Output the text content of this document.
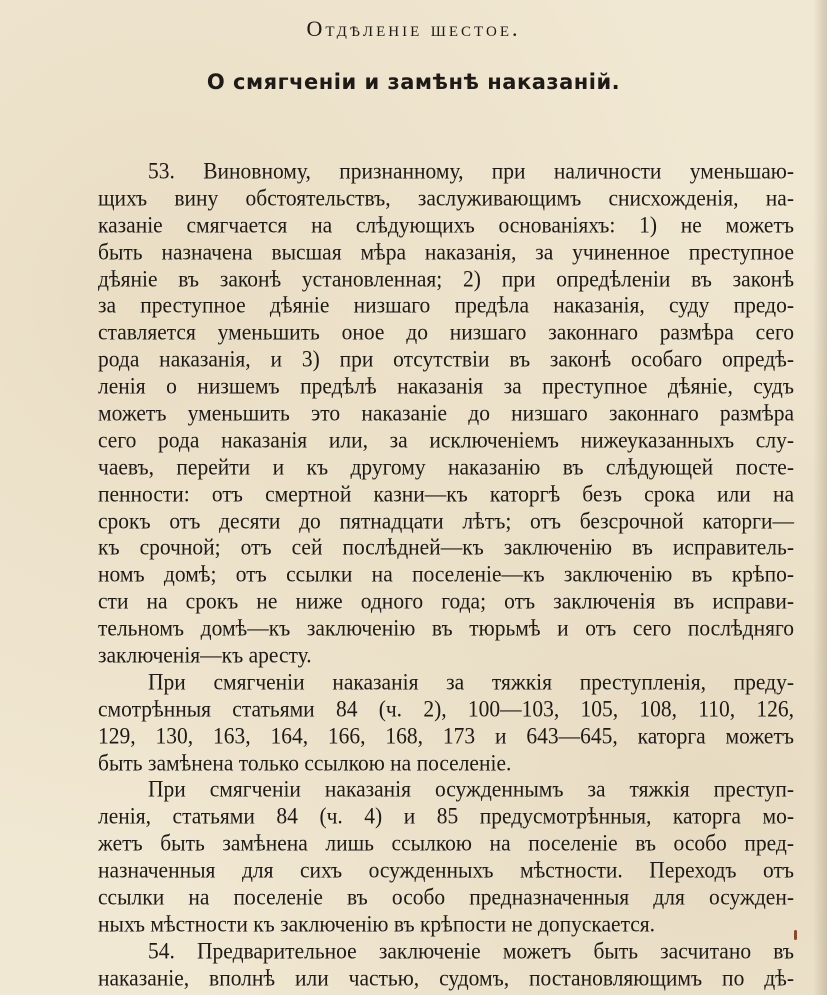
Отдѣленіе шестое.
О смягченіи и замѣнѣ наказаній.
53. Виновному, признанному, при наличности уменьшаю-
щихъ вину обстоятельствъ, заслуживающимъ снисхожденія, на-
казаніе смягчается на слѣдующихъ основаніяхъ: 1) не можетъ
быть назначена высшая мѣра наказанія, за учиненное преступное
дѣяніе въ законѣ установленная; 2) при опредѣленіи въ законѣ
за преступное дѣяніе низшаго предѣла наказанія, суду предо-
ставляется уменьшить оное до низшаго законнаго размѣра сего
рода наказанія, и 3) при отсутствіи въ законѣ особаго опредѣ-
ленія о низшемъ предѣлѣ наказанія за преступное дѣяніе, судъ
можетъ уменьшить это наказаніе до низшаго законнаго размѣра
сего рода наказанія или, за исключеніемъ нижеуказанныхъ слу-
чаевъ, перейти и къ другому наказанію въ слѣдующей посте-
пенности: отъ смертной казни—къ каторгѣ безъ срока или на
срокъ отъ десяти до пятнадцати лѣтъ; отъ безсрочной каторги—
къ срочной; отъ сей послѣдней—къ заключенію въ исправитель-
номъ домѣ; отъ ссылки на поселеніе—къ заключенію въ крѣпо-
сти на срокъ не ниже одного года; отъ заключенія въ исправи-
тельномъ домѣ—къ заключенію въ тюрьмѣ и отъ сего послѣдняго
заключенія—къ аресту.
При смягченіи наказанія за тяжкія преступленія, преду-
смотрѣнныя статьями 84 (ч. 2), 100—103, 105, 108, 110, 126,
129, 130, 163, 164, 166, 168, 173 и 643—645, каторга можетъ
быть замѣнена только ссылкою на поселеніе.
При смягченіи наказанія осужденнымъ за тяжкія преступ-
ленія, статьями 84 (ч. 4) и 85 предусмотрѣнныя, каторга мо-
жетъ быть замѣнена лишь ссылкою на поселеніе въ особо пред-
назначенныя для сихъ осужденныхъ мѣстности. Переходъ отъ
ссылки на поселеніе въ особо предназначенныя для осужден-
ныхъ мѣстности къ заключенію въ крѣпости не допускается.
54. Предварительное заключеніе можетъ быть засчитано въ
наказаніе, вполнѣ или частью, судомъ, постановляющимъ по дѣ-
